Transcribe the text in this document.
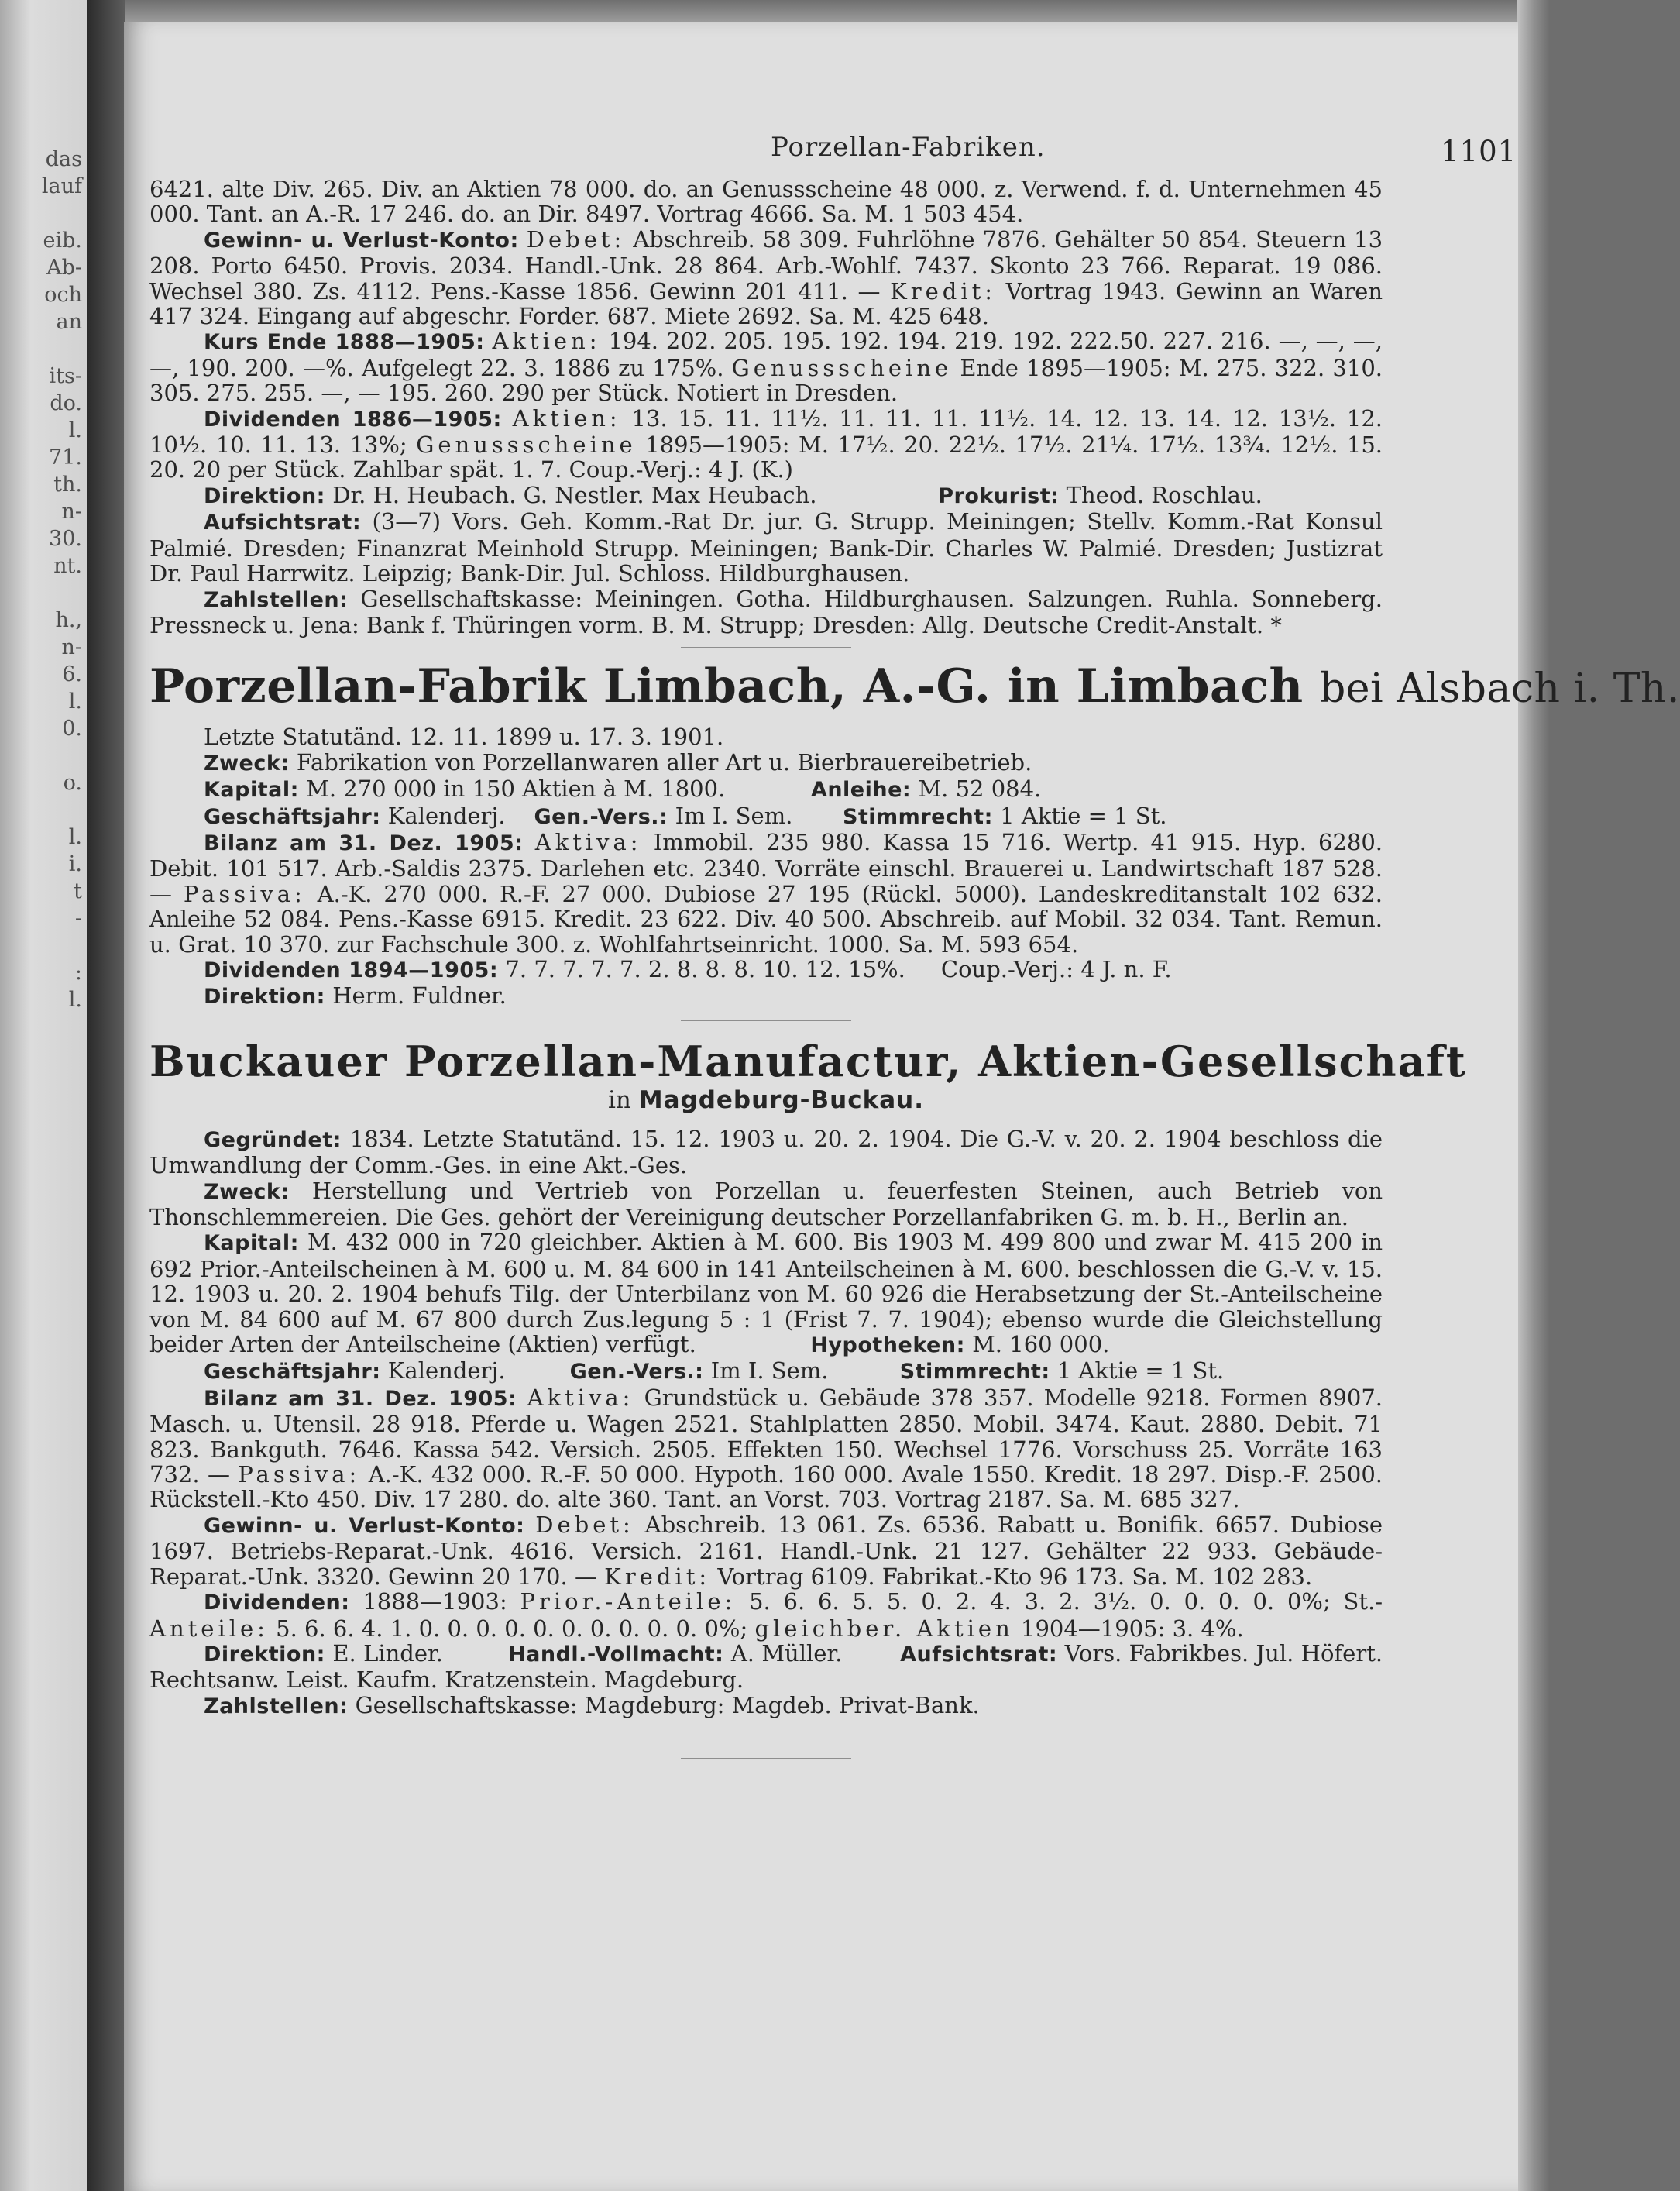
das
lauf
eib.
Ab-
och
an
its-
do.
l.
71.
th.
n-
30.
nt.
h.,
n-
6.
l.
0.
o.
l.
i.
t
-
:
l.
Porzellan-Fabriken.	1101

6421. alte Div. 265. Div. an Aktien 78 000. do. an Genussscheine 48 000. z. Verwend. f. d. Unternehmen 45 000. Tant. an A.-R. 17 246. do. an Dir. 8497. Vortrag 4666. Sa. M. 1 503 454.

Gewinn- u. Verlust-Konto: Debet: Abschreib. 58 309. Fuhrlöhne 7876. Gehälter 50 854. Steuern 13 208. Porto 6450. Provis. 2034. Handl.-Unk. 28 864. Arb.-Wohlf. 7437. Skonto 23 766. Reparat. 19 086. Wechsel 380. Zs. 4112. Pens.-Kasse 1856. Gewinn 201 411. — Kredit: Vortrag 1943. Gewinn an Waren 417 324. Eingang auf abgeschr. Forder. 687. Miete 2692. Sa. M. 425 648.

Kurs Ende 1888—1905: Aktien: 194. 202. 205. 195. 192. 194. 219. 192. 222.50. 227. 216. —, —, —, —, 190. 200. —%. Aufgelegt 22. 3. 1886 zu 175%. Genussscheine Ende 1895—1905: M. 275. 322. 310. 305. 275. 255. —, — 195. 260. 290 per Stück. Notiert in Dresden.

Dividenden 1886—1905: Aktien: 13. 15. 11. 11½. 11. 11. 11. 11½. 14. 12. 13. 14. 12. 13½. 12. 10½. 10. 11. 13. 13%; Genussscheine 1895—1905: M. 17½. 20. 22½. 17½. 21¼. 17½. 13¾. 12½. 15. 20. 20 per Stück. Zahlbar spät. 1. 7. Coup.-Verj.: 4 J. (K.)

Direktion: Dr. H. Heubach. G. Nestler. Max Heubach.	Prokurist: Theod. Roschlau.

Aufsichtsrat: (3—7) Vors. Geh. Komm.-Rat Dr. jur. G. Strupp. Meiningen; Stellv. Komm.-Rat Konsul Palmié. Dresden; Finanzrat Meinhold Strupp. Meiningen; Bank-Dir. Charles W. Palmié. Dresden; Justizrat Dr. Paul Harrwitz. Leipzig; Bank-Dir. Jul. Schloss. Hildburghausen.

Zahlstellen: Gesellschaftskasse: Meiningen. Gotha. Hildburghausen. Salzungen. Ruhla. Sonneberg. Pressneck u. Jena: Bank f. Thüringen vorm. B. M. Strupp; Dresden: Allg. Deutsche Credit-Anstalt. *

Porzellan-Fabrik Limbach, A.-G. in Limbach bei Alsbach i. Th.

Letzte Statutänd. 12. 11. 1899 u. 17. 3. 1901.

Zweck: Fabrikation von Porzellanwaren aller Art u. Bierbrauereibetrieb.

Kapital: M. 270 000 in 150 Aktien à M. 1800.	Anleihe: M. 52 084.

Geschäftsjahr: Kalenderj. Gen.-Vers.: Im I. Sem. Stimmrecht: 1 Aktie = 1 St.

Bilanz am 31. Dez. 1905: Aktiva: Immobil. 235 980. Kassa 15 716. Wertp. 41 915. Hyp. 6280. Debit. 101 517. Arb.-Saldis 2375. Darlehen etc. 2340. Vorräte einschl. Brauerei u. Landwirtschaft 187 528. — Passiva: A.-K. 270 000. R.-F. 27 000. Dubiose 27 195 (Rückl. 5000). Landeskreditanstalt 102 632. Anleihe 52 084. Pens.-Kasse 6915. Kredit. 23 622. Div. 40 500. Abschreib. auf Mobil. 32 034. Tant. Remun. u. Grat. 10 370. zur Fachschule 300. z. Wohlfahrtseinricht. 1000. Sa. M. 593 654.

Dividenden 1894—1905: 7. 7. 7. 7. 7. 2. 8. 8. 8. 10. 12. 15%. Coup.-Verj.: 4 J. n. F.

Direktion: Herm. Fuldner.

Buckauer Porzellan-Manufactur, Aktien-Gesellschaft
in Magdeburg-Buckau.

Gegründet: 1834. Letzte Statutänd. 15. 12. 1903 u. 20. 2. 1904. Die G.-V. v. 20. 2. 1904 beschloss die Umwandlung der Comm.-Ges. in eine Akt.-Ges.

Zweck: Herstellung und Vertrieb von Porzellan u. feuerfesten Steinen, auch Betrieb von Thonschlemmereien. Die Ges. gehört der Vereinigung deutscher Porzellanfabriken G. m. b. H., Berlin an.

Kapital: M. 432 000 in 720 gleichber. Aktien à M. 600. Bis 1903 M. 499 800 und zwar M. 415 200 in 692 Prior.-Anteilscheinen à M. 600 u. M. 84 600 in 141 Anteilscheinen à M. 600. beschlossen die G.-V. v. 15. 12. 1903 u. 20. 2. 1904 behufs Tilg. der Unterbilanz von M. 60 926 die Herabsetzung der St.-Anteilscheine von M. 84 600 auf M. 67 800 durch Zus.legung 5 : 1 (Frist 7. 7. 1904); ebenso wurde die Gleichstellung beider Arten der Anteilscheine (Aktien) verfügt.	Hypotheken: M. 160 000.

Geschäftsjahr: Kalenderj.	Gen.-Vers.: Im I. Sem.	Stimmrecht: 1 Aktie = 1 St.

Bilanz am 31. Dez. 1905: Aktiva: Grundstück u. Gebäude 378 357. Modelle 9218. Formen 8907. Masch. u. Utensil. 28 918. Pferde u. Wagen 2521. Stahlplatten 2850. Mobil. 3474. Kaut. 2880. Debit. 71 823. Bankguth. 7646. Kassa 542. Versich. 2505. Effekten 150. Wechsel 1776. Vorschuss 25. Vorräte 163 732. — Passiva: A.-K. 432 000. R.-F. 50 000. Hypoth. 160 000. Avale 1550. Kredit. 18 297. Disp.-F. 2500. Rückstell.-Kto 450. Div. 17 280. do. alte 360. Tant. an Vorst. 703. Vortrag 2187. Sa. M. 685 327.

Gewinn- u. Verlust-Konto: Debet: Abschreib. 13 061. Zs. 6536. Rabatt u. Bonifik. 6657. Dubiose 1697. Betriebs-Reparat.-Unk. 4616. Versich. 2161. Handl.-Unk. 21 127. Gehälter 22 933. Gebäude-Reparat.-Unk. 3320. Gewinn 20 170. — Kredit: Vortrag 6109. Fabrikat.-Kto 96 173. Sa. M. 102 283.

Dividenden: 1888—1903: Prior.-Anteile: 5. 6. 6. 5. 5. 0. 2. 4. 3. 2. 3½. 0. 0. 0. 0. 0%; St.- Anteile: 5. 6. 6. 4. 1. 0. 0. 0. 0. 0. 0. 0. 0. 0. 0. 0%; gleichber. Aktien 1904—1905: 3. 4%.

Direktion: E. Linder.	Handl.-Vollmacht: A. Müller.	Aufsichtsrat: Vors. Fabrikbes. Jul. Höfert. Rechtsanw. Leist. Kaufm. Kratzenstein. Magdeburg.

Zahlstellen: Gesellschaftskasse: Magdeburg: Magdeb. Privat-Bank.
